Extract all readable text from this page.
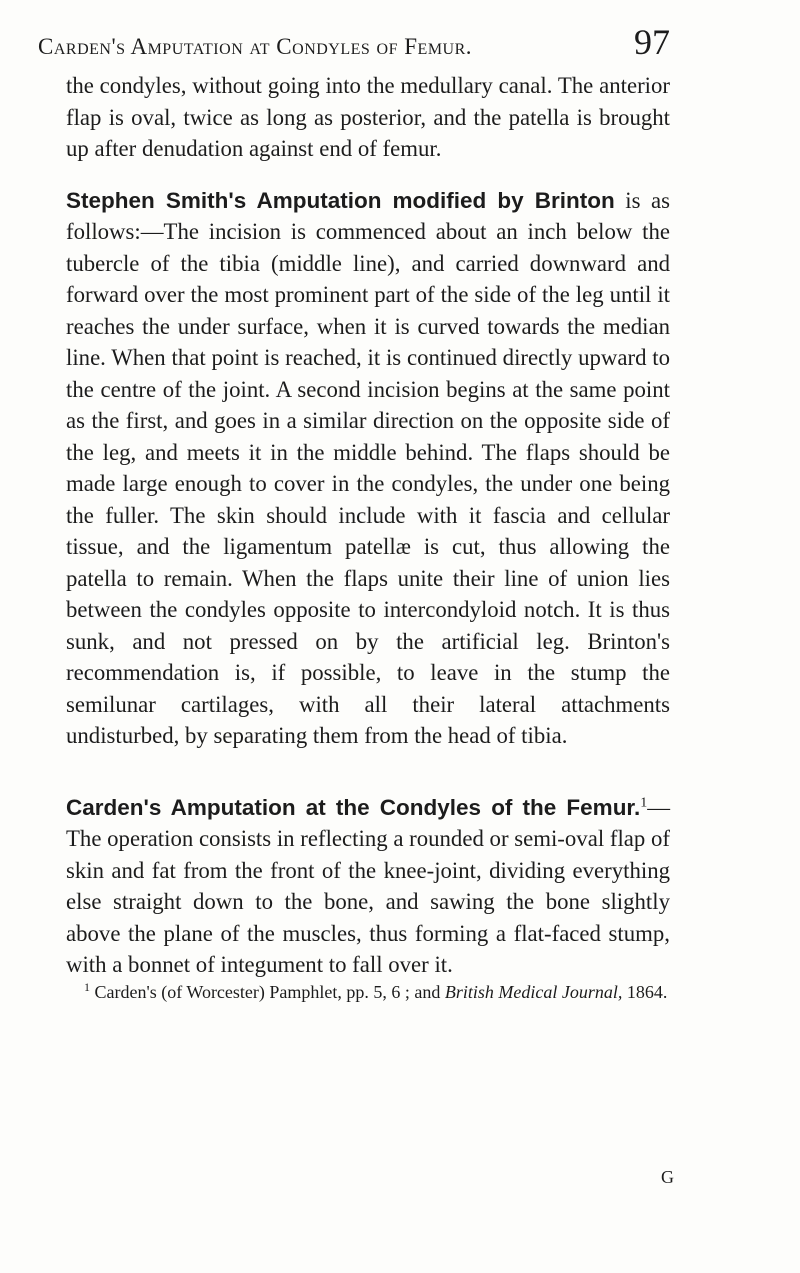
Carden's Amputation at Condyles of Femur.	97

the condyles, without going into the medullary canal. The anterior flap is oval, twice as long as posterior, and the patella is brought up after denudation against end of femur.

Stephen Smith's Amputation modified by Brinton is as follows:—The incision is commenced about an inch below the tubercle of the tibia (middle line), and carried downward and forward over the most prominent part of the side of the leg until it reaches the under surface, when it is curved towards the median line. When that point is reached, it is continued directly upward to the centre of the joint. A second incision begins at the same point as the first, and goes in a similar direction on the opposite side of the leg, and meets it in the middle behind. The flaps should be made large enough to cover in the condyles, the under one being the fuller. The skin should include with it fascia and cellular tissue, and the ligamentum patellæ is cut, thus allowing the patella to remain. When the flaps unite their line of union lies between the condyles opposite to intercondyloid notch. It is thus sunk, and not pressed on by the artificial leg. Brinton's recommendation is, if possible, to leave in the stump the semilunar cartilages, with all their lateral attachments undisturbed, by separating them from the head of tibia.

Carden's Amputation at the Condyles of the Femur.$^1$— The operation consists in reflecting a rounded or semi-oval flap of skin and fat from the front of the knee-joint, dividing everything else straight down to the bone, and sawing the bone slightly above the plane of the muscles, thus forming a flat-faced stump, with a bonnet of integument to fall over it.

$^1$ Carden's (of Worcester) Pamphlet, pp. 5, 6 ; and British Medical Journal, 1864.

G
